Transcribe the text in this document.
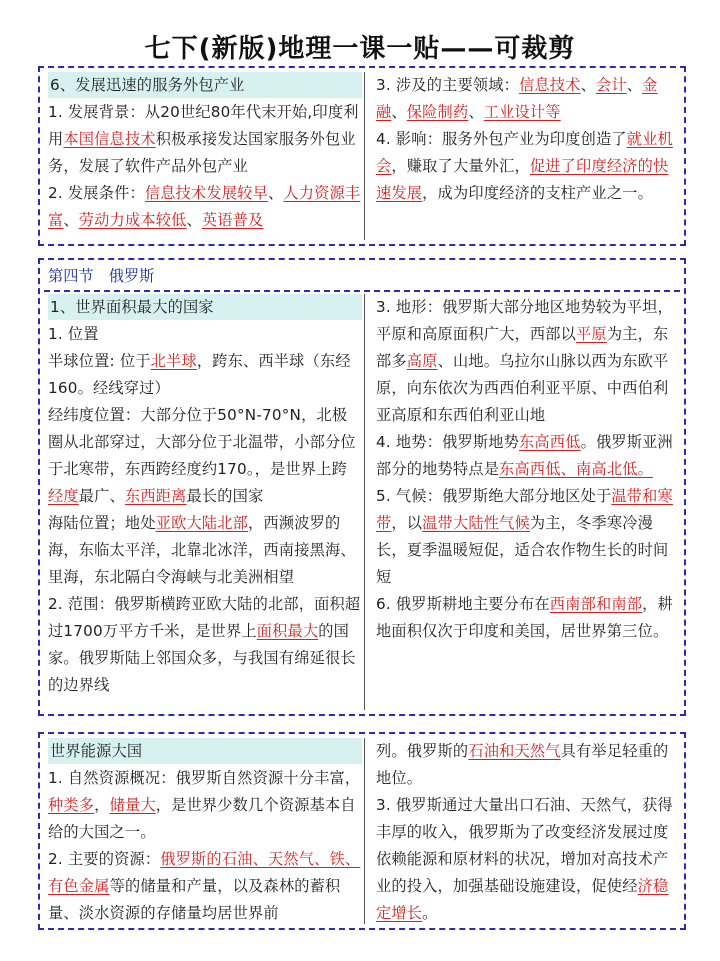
七下(新版)地理一课一贴——可裁剪
6、发展迅速的服务外包产业

1. 发展背景：从20世纪80年代末开始,印度利用本国信息技术积极承接发达国家服务外包业务，发展了软件产品外包产业

2. 发展条件：信息技术发展较早、人力资源丰富、劳动力成本较低、英语普及

3. 涉及的主要领域：信息技术、会计、金融、保险制药、工业设计等

4. 影响：服务外包产业为印度创造了就业机会，赚取了大量外汇，促进了印度经济的快速发展，成为印度经济的支柱产业之一。

第四节　俄罗斯
1、世界面积最大的国家

1. 位置

半球位置: 位于北半球，跨东、西半球（东经160。经线穿过）

经纬度位置：大部分位于50°N-70°N，北极圈从北部穿过，大部分位于北温带，小部分位于北寒带，东西跨经度约170。，是世界上跨经度最广、东西距离最长的国家

海陆位置；地处亚欧大陆北部，西濒波罗的海，东临太平洋，北靠北冰洋，西南接黑海、里海，东北隔白令海峡与北美洲相望

2. 范围：俄罗斯横跨亚欧大陆的北部，面积超过1700万平方千米，是世界上面积最大的国家。俄罗斯陆上邻国众多，与我国有绵延很长的边界线

3. 地形：俄罗斯大部分地区地势较为平坦，平原和高原面积广大，西部以平原为主，东部多高原、山地。乌拉尔山脉以西为东欧平原，向东依次为西西伯利亚平原、中西伯利亚高原和东西伯利亚山地

4. 地势：俄罗斯地势东高西低。俄罗斯亚洲部分的地势特点是东高西低、南高北低。

5. 气候：俄罗斯绝大部分地区处于温带和寒带，以温带大陆性气候为主，冬季寒冷漫长，夏季温暖短促，适合农作物生长的时间短

6. 俄罗斯耕地主要分布在西南部和南部，耕地面积仅次于印度和美国，居世界第三位。

世界能源大国

1. 自然资源概况：俄罗斯自然资源十分丰富，种类多，储量大，是世界少数几个资源基本自给的大国之一。

2. 主要的资源：俄罗斯的石油、天然气、铁、有色金属等的储量和产量，以及森林的蓄积量、淡水资源的存储量均居世界前

列。俄罗斯的石油和天然气具有举足轻重的地位。

3. 俄罗斯通过大量出口石油、天然气，获得丰厚的收入，俄罗斯为了改变经济发展过度依赖能源和原材料的状况，增加对高技术产业的投入，加强基础设施建设，促使经济稳定增长。
